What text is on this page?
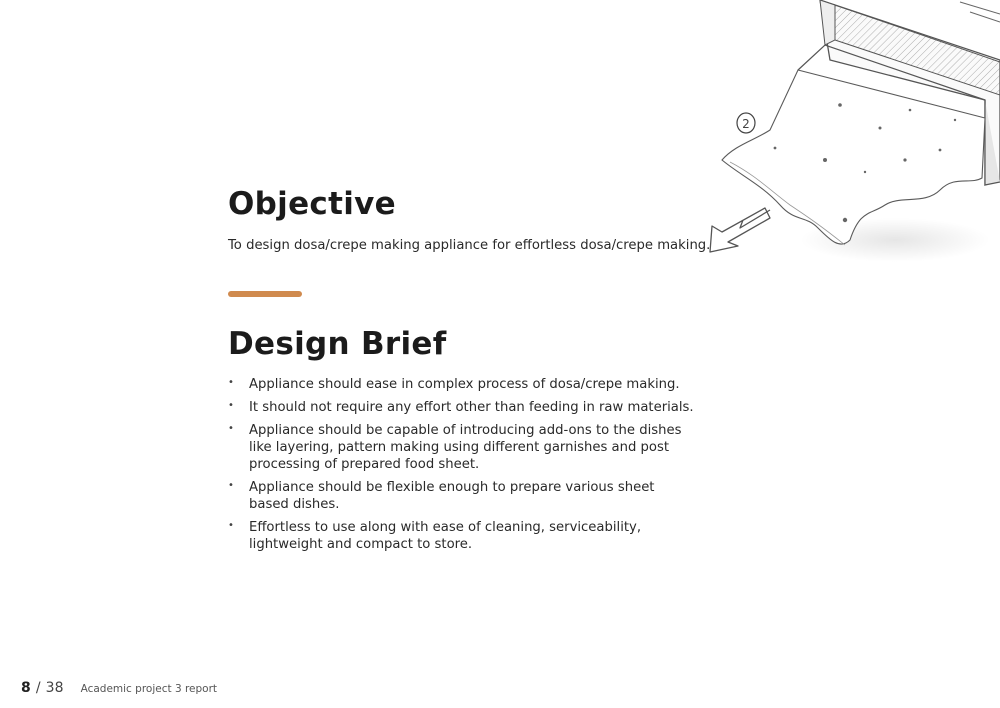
2
Objective

To design dosa/crepe making appliance for effortless dosa/crepe making.

Design Brief
• Appliance should ease in complex process of dosa/crepe making.
• It should not require any effort other than feeding in raw materials.
• Appliance should be capable of introducing add-ons to the dishes like layering, pattern making using different garnishes and post processing of prepared food sheet.
• Appliance should be flexible enough to prepare various sheet based dishes.
• Effortless to use along with ease of cleaning, serviceability, lightweight and compact to store.
8 / 38 Academic project 3 report
